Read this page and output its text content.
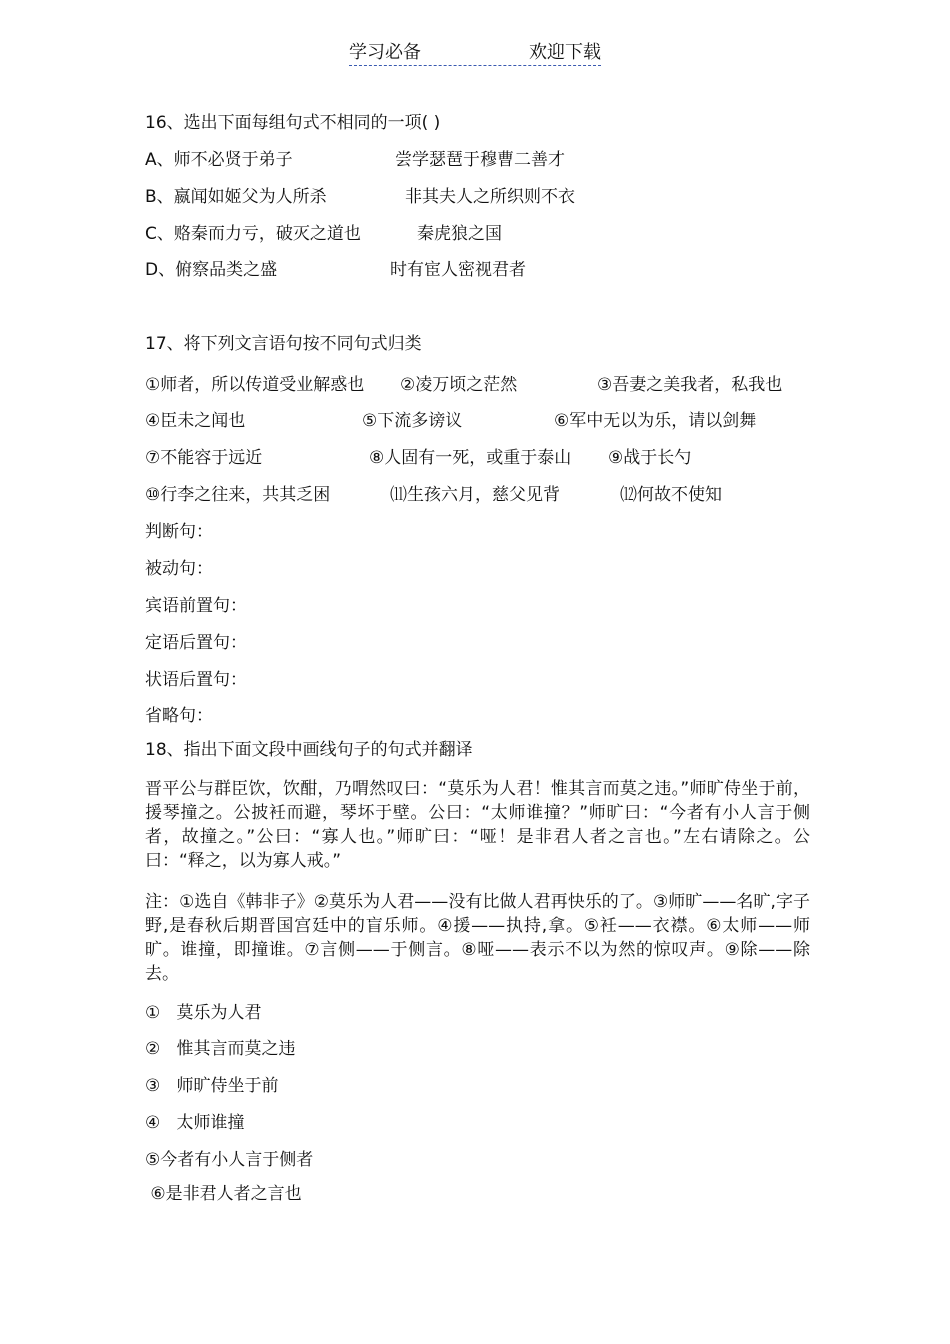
学习必备	欢迎下载
16、选出下面每组句式不相同的一项( )
A、师不必贤于弟子	尝学瑟琶于穆曹二善才
B、嬴闻如姬父为人所杀	非其夫人之所织则不衣
C、赂秦而力亏，破灭之道也	秦虎狼之国
D、俯察品类之盛	时有宦人密视君者
17、将下列文言语句按不同句式归类
①师者，所以传道受业解惑也 ②凌万顷之茫然	③吾妻之美我者，私我也
④臣未之闻也	⑤下流多谤议	⑥军中无以为乐，请以剑舞
⑦不能容于远近	⑧人固有一死，或重于泰山 ⑨战于长勺
⑩行李之往来，共其乏困	⑾生孩六月，慈父见背	⑿何故不使知
判断句：
被动句：
宾语前置句：
定语后置句：
状语后置句：
省略句：
18、指出下面文段中画线句子的句式并翻译
晋平公与群臣饮，饮酣，乃喟然叹曰：“莫乐为人君！惟其言而莫之违。”师旷侍坐于前，援琴撞之。公披衽而避，琴坏于壁。公曰：“太师谁撞？”师旷曰：“今者有小人言于侧者，故撞之。”公曰：“寡人也。”师旷曰：“哑！是非君人者之言也。”左右请除之。公曰：“释之，以为寡人戒。”
注：①选自《韩非子》②莫乐为人君——没有比做人君再快乐的了。③师旷——名旷,字子野,是春秋后期晋国宫廷中的盲乐师。④援——执持,拿。⑤衽——衣襟。⑥太师——师旷。谁撞，即撞谁。⑦言侧——于侧言。⑧哑——表示不以为然的惊叹声。⑨除——除去。
①   莫乐为人君
②   惟其言而莫之违
③   师旷侍坐于前
④   太师谁撞
⑤今者有小人言于侧者
⑥是非君人者之言也
